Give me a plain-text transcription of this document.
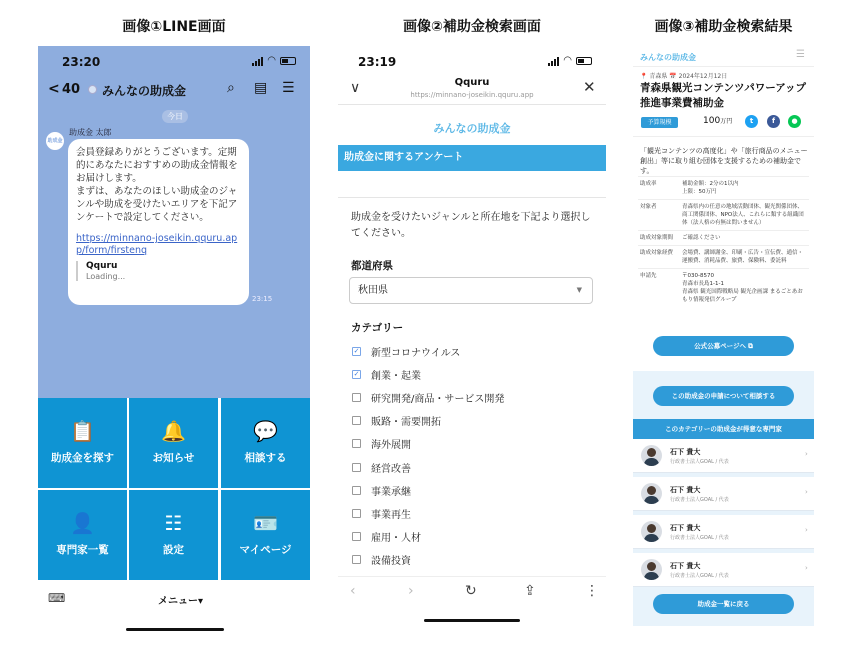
画像①LINE画面	画像②補助金検索画面	画像③補助金検索結果
23:20	◠
< 40 みんなの助成金	⌕ ▤ ☰
今日
助成金
助成金 太郎
会員登録ありがとうございます。定期的にあなたにおすすめの助成金情報をお届けします。
まずは、あなたのほしい助成金のジャンルや助成を受けたいエリアを下記アンケートで設定してください。
https://minnano-joseikin.qquru.app/form/firstenq
Qquru
Loading...
23:15
📋
助成金を探す
🔔
お知らせ
💬
相談する
👤
専門家一覧
☷
設定
🪪
マイページ
⌨	メニュー▾
23:19	◠
∨	Qquru
https://minnano-joseikin.qquru.app	✕
みんなの助成金
助成金に関するアンケート
助成金を受けたいジャンルと所在地を下記より選択してください。
都道府県
秋田県	▼
カテゴリー
✓ 新型コロナウイルス
✓ 創業・起業
研究開発/商品・サービス開発
販路・需要開拓
海外展開
経営改善
事業承継
事業再生
雇用・人材
設備投資
‹	›	↻	⇪	⋮
みんなの助成金	☰
📍 青森県 📅 2024年12月12日
青森県観光コンテンツパワーアップ推進事業費補助金
予算規模	100万円	t	f	●
「観光コンテンツの高度化」や「旅行商品のメニュー創出」等に取り組む団体を支援するための補助金です。
助成率	補助金額：2分の1以内
上限：50万円
対象者	青森県内の任意の地域活動団体、観光関係団体、商工関係団体、NPO法人、これらに類する組織団体（法人格の有無は問いません）
助成対象期間	ご確認ください
助成対象経費	会場費、講師謝金、印刷・広告・宣伝費、通信・運搬費、消耗品費、旅費、保険料、委託料
申請先	〒030-8570
青森市長島1-1-1
青森県 観光国際戦略局 観光企画課 まるごとあおもり情報発信グループ
公式公募ページへ ⧉
この助成金の申請について相談する
このカテゴリーの助成金が得意な専門家
石下 貴大
行政書士法人GOAL / 代表
›
石下 貴大
行政書士法人GOAL / 代表
›
石下 貴大
行政書士法人GOAL / 代表
›
石下 貴大
行政書士法人GOAL / 代表
›
助成金一覧に戻る
